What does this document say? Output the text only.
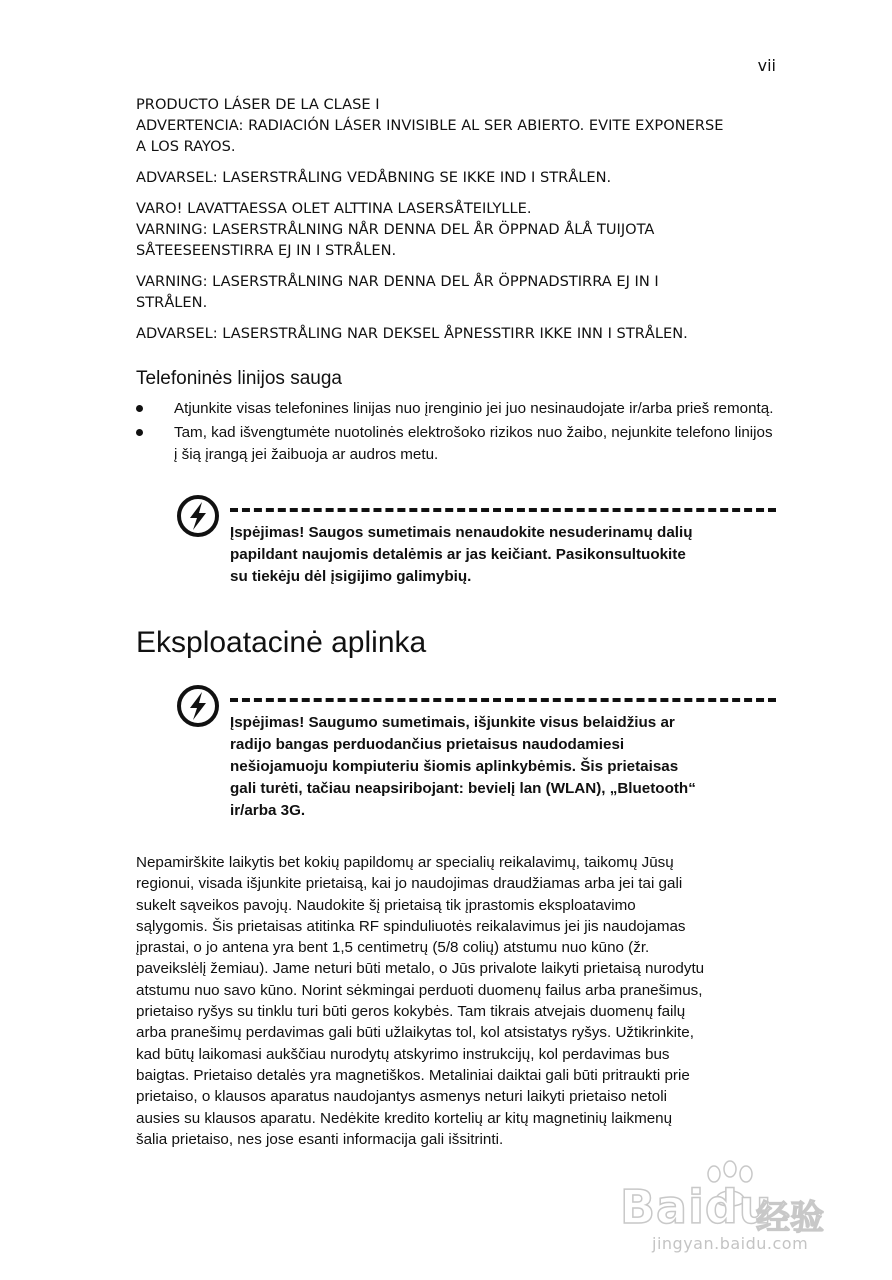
vii

PRODUCTO LÁSER DE LA CLASE I
ADVERTENCIA: RADIACIÓN LÁSER INVISIBLE AL SER ABIERTO. EVITE EXPONERSE
A LOS RAYOS.

ADVARSEL: LASERSTRÅLING VEDÅBNING SE IKKE IND I STRÅLEN.

VARO! LAVATTAESSA OLET ALTTINA LASERSÅTEILYLLE.
VARNING: LASERSTRÅLNING NÅR DENNA DEL ÅR ÖPPNAD ÅLÅ TUIJOTA
SÅTEESEENSTIRRA EJ IN I STRÅLEN.

VARNING: LASERSTRÅLNING NAR DENNA DEL ÅR ÖPPNADSTIRRA EJ IN I
STRÅLEN.

ADVARSEL: LASERSTRÅLING NAR DEKSEL ÅPNESSTIRR IKKE INN I STRÅLEN.

Telefoninės linijos sauga
Atjunkite visas telefonines linijas nuo įrenginio jei juo nesinaudojate ir/arba prieš remontą.
Tam, kad išvengtumėte nuotolinės elektrošoko rizikos nuo žaibo, nejunkite telefono linijos į šią įrangą jei žaibuoja ar audros metu.
Įspėjimas! Saugos sumetimais nenaudokite nesuderinamų dalių
papildant naujomis detalėmis ar jas keičiant. Pasikonsultuokite
su tiekėju dėl įsigijimo galimybių.
Eksploatacinė aplinka
Įspėjimas! Saugumo sumetimais, išjunkite visus belaidžius ar
radijo bangas perduodančius prietaisus naudodamiesi
nešiojamuoju kompiuteriu šiomis aplinkybėmis. Šis prietaisas
gali turėti, tačiau neapsiribojant: bevielį lan (WLAN), „Bluetooth“
ir/arba 3G.

Nepamirškite laikytis bet kokių papildomų ar specialių reikalavimų, taikomų Jūsų
regionui, visada išjunkite prietaisą, kai jo naudojimas draudžiamas arba jei tai gali
sukelt sąveikos pavojų. Naudokite šį prietaisą tik įprastomis eksploatavimo
sąlygomis. Šis prietaisas atitinka RF spinduliuotės reikalavimus jei jis naudojamas
įprastai, o jo antena yra bent 1,5 centimetrų (5/8 colių) atstumu nuo kūno (žr.
paveikslėlį žemiau). Jame neturi būti metalo, o Jūs privalote laikyti prietaisą nurodytu
atstumu nuo savo kūno. Norint sėkmingai perduoti duomenų failus arba pranešimus,
prietaiso ryšys su tinklu turi būti geros kokybės. Tam tikrais atvejais duomenų failų
arba pranešimų perdavimas gali būti užlaikytas tol, kol atsistatys ryšys. Užtikrinkite,
kad būtų laikomasi aukščiau nurodytų atskyrimo instrukcijų, kol perdavimas bus
baigtas. Prietaiso detalės yra magnetiškos. Metaliniai daiktai gali būti pritraukti prie
prietaiso, o klausos aparatus naudojantys asmenys neturi laikyti prietaiso netoli
ausies su klausos aparatu. Nedėkite kredito kortelių ar kitų magnetinių laikmenų
šalia prietaiso, nes jose esanti informacija gali išsitrinti.

Baidu
经验
jingyan.baidu.com
